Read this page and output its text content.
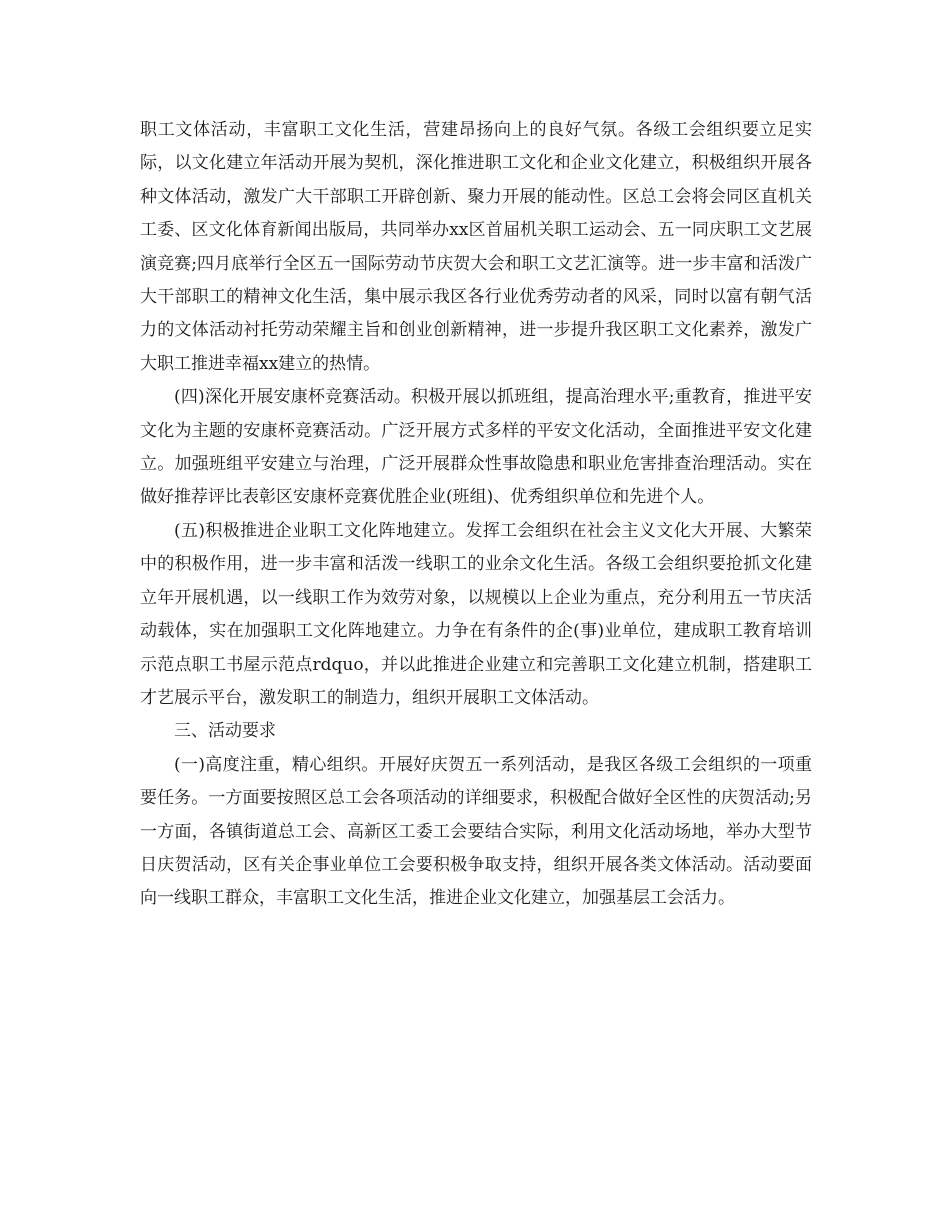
职工文体活动，丰富职工文化生活，营建昂扬向上的良好气氛。各级工会组织要立足实际，以文化建立年活动开展为契机，深化推进职工文化和企业文化建立，积极组织开展各种文体活动，激发广大干部职工开辟创新、聚力开展的能动性。区总工会将会同区直机关工委、区文化体育新闻出版局，共同举办xx区首届机关职工运动会、五一同庆职工文艺展演竞赛;四月底举行全区五一国际劳动节庆贺大会和职工文艺汇演等。进一步丰富和活泼广大干部职工的精神文化生活，集中展示我区各行业优秀劳动者的风采，同时以富有朝气活力的文体活动衬托劳动荣耀主旨和创业创新精神，进一步提升我区职工文化素养，激发广大职工推进幸福xx建立的热情。

(四)深化开展安康杯竞赛活动。积极开展以抓班组，提高治理水平;重教育，推进平安文化为主题的安康杯竞赛活动。广泛开展方式多样的平安文化活动，全面推进平安文化建立。加强班组平安建立与治理，广泛开展群众性事故隐患和职业危害排查治理活动。实在做好推荐评比表彰区安康杯竞赛优胜企业(班组)、优秀组织单位和先进个人。

(五)积极推进企业职工文化阵地建立。发挥工会组织在社会主义文化大开展、大繁荣中的积极作用，进一步丰富和活泼一线职工的业余文化生活。各级工会组织要抢抓文化建立年开展机遇，以一线职工作为效劳对象，以规模以上企业为重点，充分利用五一节庆活动载体，实在加强职工文化阵地建立。力争在有条件的企(事)业单位，建成职工教育培训示范点职工书屋示范点rdquo，并以此推进企业建立和完善职工文化建立机制，搭建职工才艺展示平台，激发职工的制造力，组织开展职工文体活动。

三、活动要求

(一)高度注重，精心组织。开展好庆贺五一系列活动，是我区各级工会组织的一项重要任务。一方面要按照区总工会各项活动的详细要求，积极配合做好全区性的庆贺活动;另一方面，各镇街道总工会、高新区工委工会要结合实际，利用文化活动场地，举办大型节日庆贺活动，区有关企事业单位工会要积极争取支持，组织开展各类文体活动。活动要面向一线职工群众，丰富职工文化生活，推进企业文化建立，加强基层工会活力。
